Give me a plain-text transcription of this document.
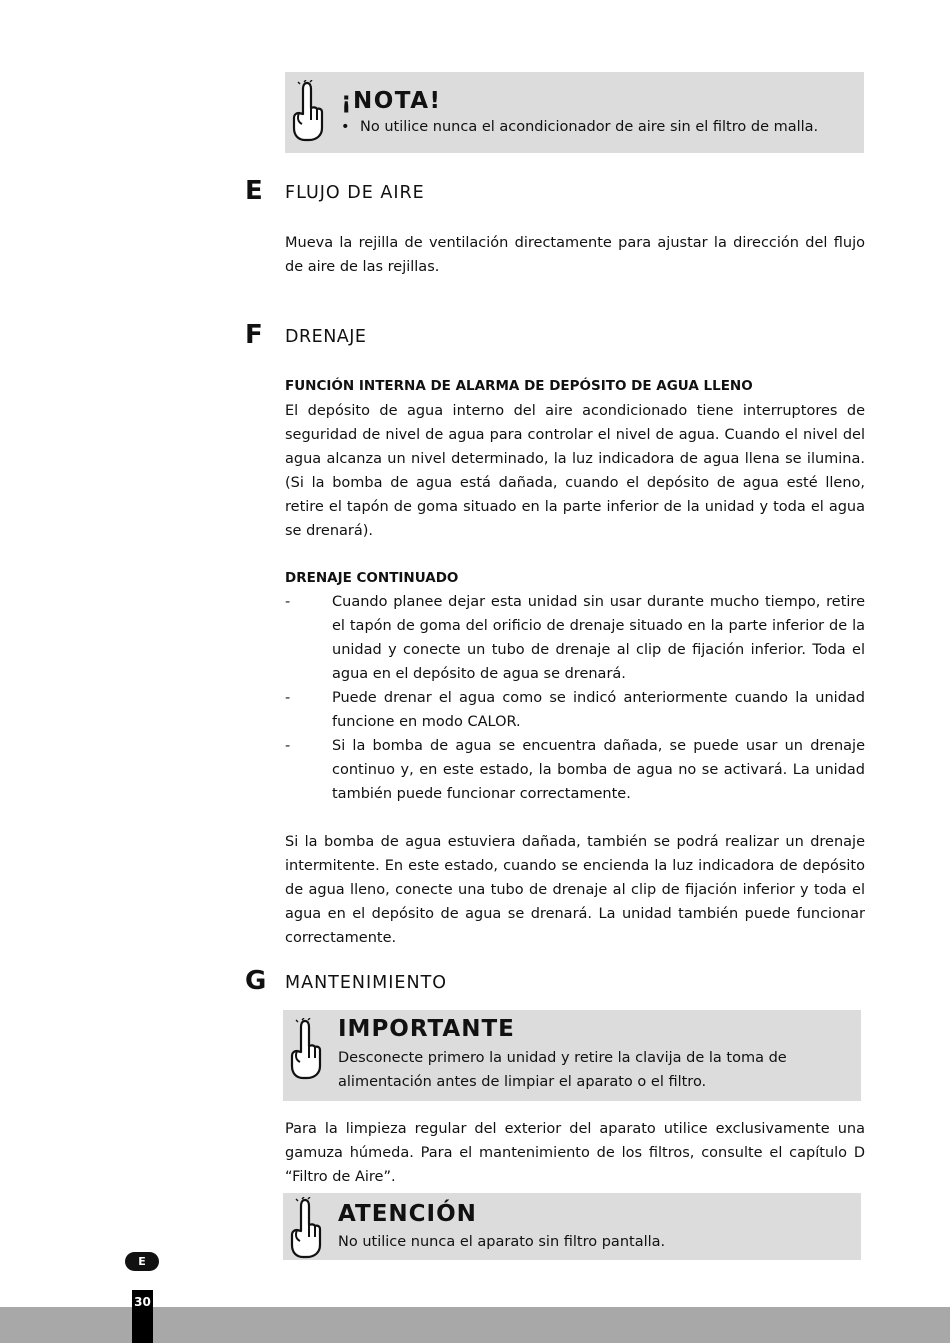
¡NOTA!
• No utilice nunca el acondicionador de aire sin el filtro de malla.
E FLUJO DE AIRE
Mueva la rejilla de ventilación directamente para ajustar la dirección del flujo de aire de las rejillas.
F DRENAJE
FUNCIÓN INTERNA DE ALARMA DE DEPÓSITO DE AGUA LLENO
El depósito de agua interno del aire acondicionado tiene interruptores de seguridad de nivel de agua para controlar el nivel de agua. Cuando el nivel del agua alcanza un nivel determinado, la luz indicadora de agua llena se ilumina. (Si la bomba de agua está dañada, cuando el depósito de agua esté lleno, retire el tapón de goma situado en la parte inferior de la unidad y toda el agua se drenará).
DRENAJE CONTINUADO
-	Cuando planee dejar esta unidad sin usar durante mucho tiempo, retire el tapón de goma del orificio de drenaje situado en la parte inferior de la unidad y conecte un tubo de drenaje al clip de fijación inferior. Toda el agua en el depósito de agua se drenará.
-	Puede drenar el agua como se indicó anteriormente cuando la unidad funcione en modo CALOR.
-	Si la bomba de agua se encuentra dañada, se puede usar un drenaje continuo y, en este estado, la bomba de agua no se activará. La unidad también puede funcionar correctamente.
Si la bomba de agua estuviera dañada, también se podrá realizar un drenaje intermitente. En este estado, cuando se encienda la luz indicadora de depósito de agua lleno, conecte una tubo de drenaje al clip de fijación inferior y toda el agua en el depósito de agua se drenará. La unidad también puede funcionar correctamente.
G MANTENIMIENTO
IMPORTANTE
Desconecte primero la unidad y retire la clavija de la toma de alimentación antes de limpiar el aparato o el filtro.
Para la limpieza regular del exterior del aparato utilice exclusivamente una gamuza húmeda. Para el mantenimiento de los filtros, consulte el capítulo D “Filtro de Aire”.
ATENCIÓN
No utilice nunca el aparato sin filtro pantalla.
E
30
